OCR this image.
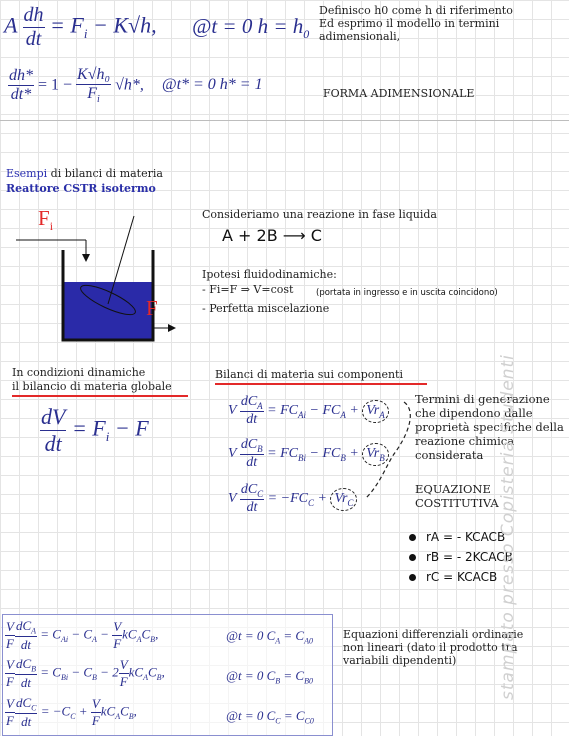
A $\frac{dh}{dt} = F_i - K√h$, @t = 0 $h = h_0$
Definisco h0 come h di riferimento
Ed esprimo il modello in termini
adimensionali,
$\frac{dh*}{dt*} = 1 - \frac{\text{K√h₀}}{F_i} √h*$, @t* = 0 h* = 1
FORMA ADIMENSIONALE
Esempi di bilanci di materia
Reattore CSTR isotermo
$F_i$
F
Consideriamo una reazione in fase liquida
A + 2B ⟶ C
Ipotesi fluidodinamiche:
- Fi=F ⇒ V=cost	(portata in ingresso e in uscita coincidono)
- Perfetta miscelazione
In condizioni dinamiche
il bilancio di materia globale
$\frac{dV}{dt} = F_i - F$
Bilanci di materia sui componenti
V $\frac{dC_A}{dt} = FC_{Ai} - FC_A + Vr_A$
V $\frac{dC_B}{dt} = FC_{Bi} - FC_B + Vr_B$
V $\frac{dC_C}{dt} = -FC_C + Vr_C$
Termini di generazione
che dipendono dalle
proprietà specifiche della
reazione chimica
considerata
EQUAZIONE
COSTITUTIVA
rA = - KCACB
rB = - 2KCACB
rC = KCACB
$\frac{V}{F} \frac{dC_A}{dt} = C_{Ai} - C_A - \frac{V}{F} kC_AC_B$,	@t = 0 $C_A = C_{A0}$
$\frac{V}{F} \frac{dC_B}{dt} = C_{Bi} - C_B - 2 \frac{V}{F} kC_AC_B$,	@t = 0 $C_B = C_{B0}$
$\frac{V}{F} \frac{dC_C}{dt} = -C_C + \frac{V}{F} kC_AC_B$,	@t = 0 $C_C = C_{C0}$
Equazioni differenziali ordinarie
non lineari (dato il prodotto tra
variabili dipendenti)	stampato presso Copisteria Studenti
